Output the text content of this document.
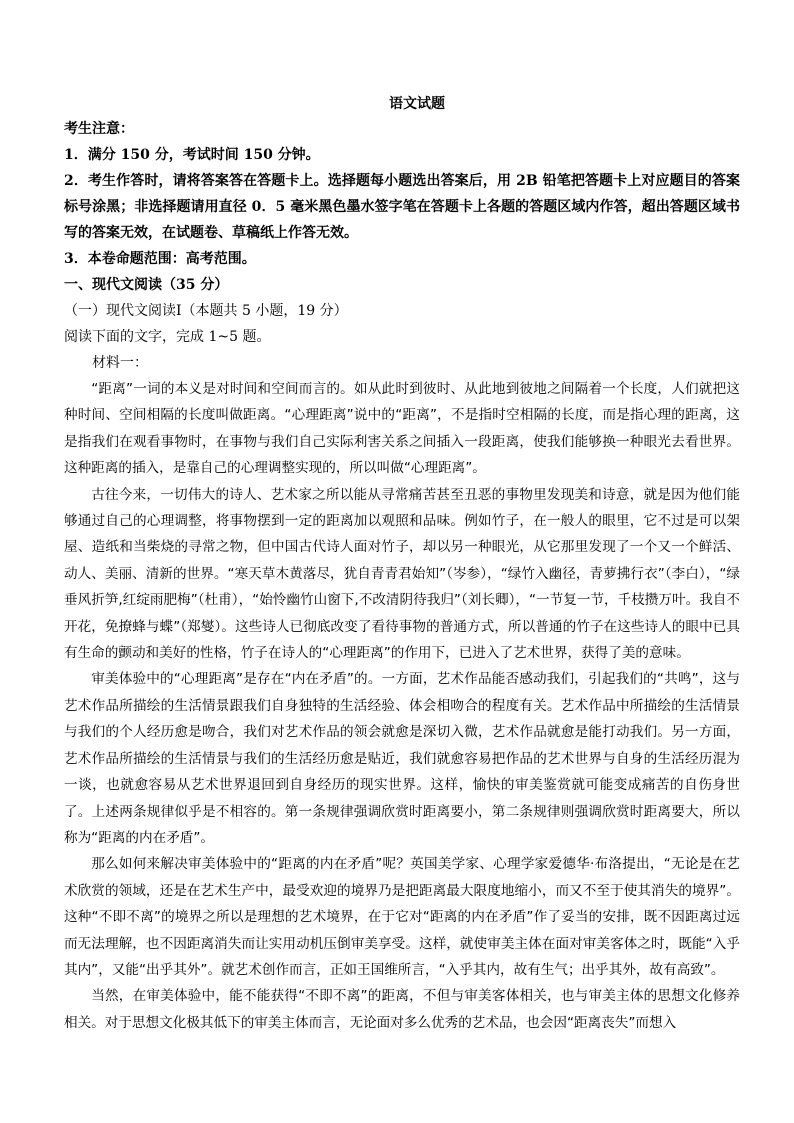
语文试题

考生注意：

1．满分 150 分，考试时间 150 分钟。

2．考生作答时，请将答案答在答题卡上。选择题每小题选出答案后，用 2B 铅笔把答题卡上对应题目的答案标号涂黑；非选择题请用直径 0．5 毫米黑色墨水签字笔在答题卡上各题的答题区域内作答，超出答题区域书写的答案无效，在试题卷、草稿纸上作答无效。

3．本卷命题范围：高考范围。

一、现代文阅读（35 分）

（一）现代文阅读Ⅰ（本题共 5 小题，19 分）

阅读下面的文字，完成 1~5 题。

材料一：

“距离”一词的本义是对时间和空间而言的。如从此时到彼时、从此地到彼地之间隔着一个长度，人们就把这种时间、空间相隔的长度叫做距离。“心理距离”说中的“距离”，不是指时空相隔的长度，而是指心理的距离，这是指我们在观看事物时，在事物与我们自己实际利害关系之间插入一段距离，使我们能够换一种眼光去看世界。这种距离的插入，是靠自己的心理调整实现的，所以叫做“心理距离”。

古往今来，一切伟大的诗人、艺术家之所以能从寻常痛苦甚至丑恶的事物里发现美和诗意，就是因为他们能够通过自己的心理调整，将事物摆到一定的距离加以观照和品味。例如竹子，在一般人的眼里，它不过是可以架屋、造纸和当柴烧的寻常之物，但中国古代诗人面对竹子，却以另一种眼光，从它那里发现了一个又一个鲜活、动人、美丽、清新的世界。“寒天草木黄落尽，犹自青青君始知”（岑参），“绿竹入幽径，青萝拂行衣”（李白），“绿垂风折笋,红绽雨肥梅”（杜甫），“始怜幽竹山窗下,不改清阴待我归”（刘长卿），“一节复一节，千枝攒万叶。我自不开花，免撩蜂与蝶”（郑燮）。这些诗人已彻底改变了看待事物的普通方式，所以普通的竹子在这些诗人的眼中已具有生命的颤动和美好的性格，竹子在诗人的“心理距离”的作用下，已进入了艺术世界，获得了美的意味。

审美体验中的“心理距离”是存在“内在矛盾”的。一方面，艺术作品能否感动我们，引起我们的“共鸣”，这与艺术作品所描绘的生活情景跟我们自身独特的生活经验、体会相吻合的程度有关。艺术作品中所描绘的生活情景与我们的个人经历愈是吻合，我们对艺术作品的领会就愈是深切入微，艺术作品就愈是能打动我们。另一方面，艺术作品所描绘的生活情景与我们的生活经历愈是贴近，我们就愈容易把作品的艺术世界与自身的生活经历混为一谈，也就愈容易从艺术世界退回到自身经历的现实世界。这样，愉快的审美鉴赏就可能变成痛苦的自伤身世了。上述两条规律似乎是不相容的。第一条规律强调欣赏时距离要小，第二条规律则强调欣赏时距离要大，所以称为“距离的内在矛盾”。

那么如何来解决审美体验中的“距离的内在矛盾”呢？英国美学家、心理学家爱德华·布洛提出，“无论是在艺术欣赏的领域，还是在艺术生产中，最受欢迎的境界乃是把距离最大限度地缩小，而又不至于使其消失的境界”。这种“不即不离”的境界之所以是理想的艺术境界，在于它对“距离的内在矛盾”作了妥当的安排，既不因距离过远而无法理解，也不因距离消失而让实用动机压倒审美享受。这样，就使审美主体在面对审美客体之时，既能“入乎其内”，又能“出乎其外”。就艺术创作而言，正如王国维所言，“入乎其内，故有生气；出乎其外，故有高致”。

当然，在审美体验中，能不能获得“不即不离”的距离，不但与审美客体相关，也与审美主体的思想文化修养相关。对于思想文化极其低下的审美主体而言，无论面对多么优秀的艺术品，也会因“距离丧失”而想入
